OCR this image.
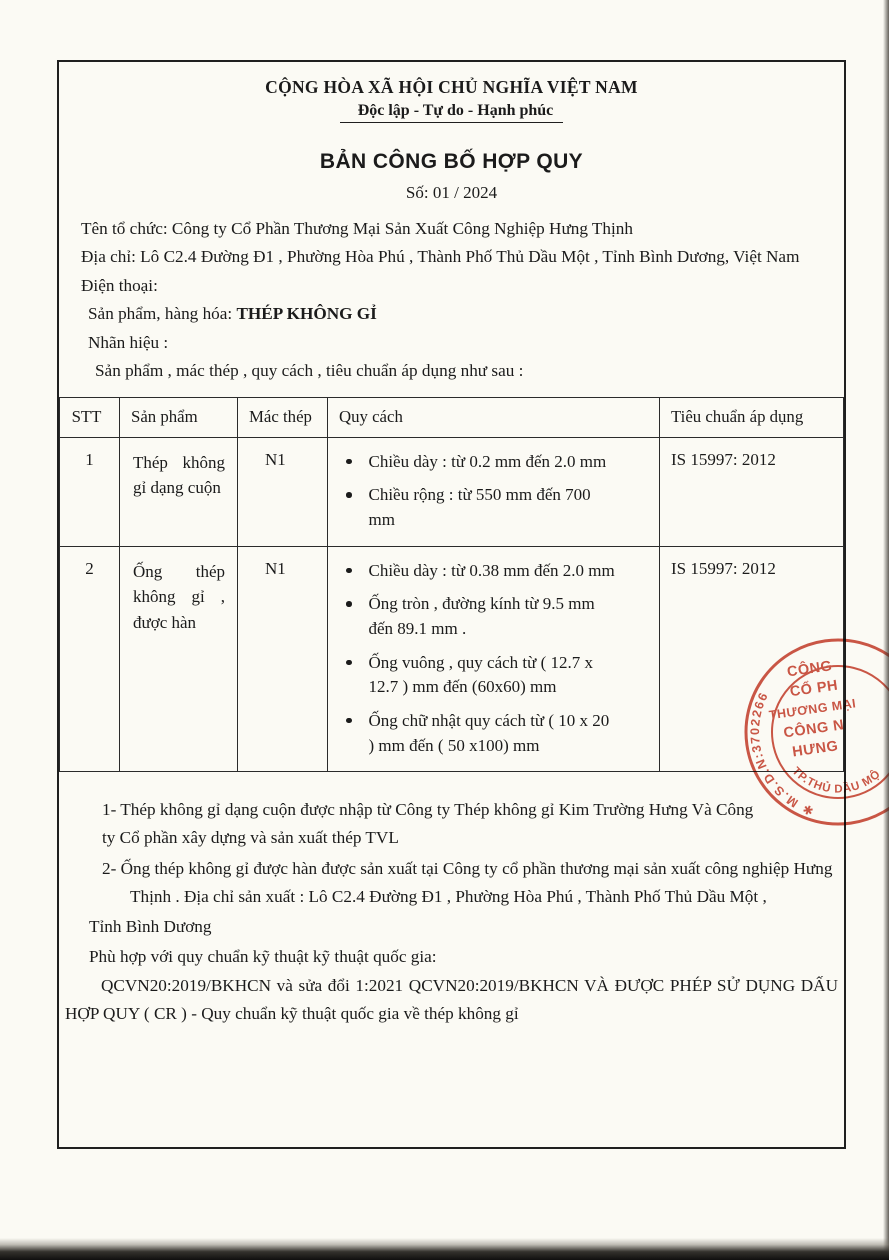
CỘNG HÒA XÃ HỘI CHỦ NGHĨA VIỆT NAM
Độc lập - Tự do - Hạnh phúc
BẢN CÔNG BỐ HỢP QUY
Số: 01 / 2024

Tên tổ chức: Công ty Cổ Phần Thương Mại Sản Xuất Công Nghiệp Hưng Thịnh

Địa chỉ: Lô C2.4 Đường Đ1 , Phường Hòa Phú , Thành Phố Thủ Dầu Một , Tỉnh Bình Dương, Việt Nam

Điện thoại:

Sản phẩm, hàng hóa: THÉP KHÔNG GỈ

Nhãn hiệu :

Sản phẩm , mác thép , quy cách , tiêu chuẩn áp dụng như sau :

STT	Sản phẩm	Mác thép	Quy cách	Tiêu chuẩn áp dụng
1	Thép không gỉ dạng cuộn	N1	Chiều dày : từ 0.2 mm đến 2.0 mm
Chiều rộng : từ 550 mm đến 700 mm	IS 15997: 2012
2	Ống thép không gỉ , được hàn	N1	Chiều dày : từ 0.38 mm đến 2.0 mm
Ống tròn , đường kính từ 9.5 mm đến 89.1 mm .
Ống vuông , quy cách từ ( 12.7 x 12.7 ) mm đến (60x60) mm
Ống chữ nhật quy cách từ ( 10 x 20 ) mm đến ( 50 x100) mm	IS 15997: 2012

1- Thép không gỉ dạng cuộn được nhập từ Công ty Thép không gỉ Kim Trường Hưng Và Công ty Cổ phần xây dựng và sản xuất thép TVL

2- Ống thép không gỉ được hàn được sản xuất tại Công ty cổ phần thương mại sản xuất công nghiệp Hưng Thịnh . Địa chỉ sản xuất : Lô C2.4 Đường Đ1 , Phường Hòa Phú , Thành Phố Thủ Dầu Một ,

Tỉnh Bình Dương

Phù hợp với quy chuẩn kỹ thuật kỹ thuật quốc gia:

QCVN20:2019/BKHCN và sửa đổi 1:2021 QCVN20:2019/BKHCN VÀ ĐƯỢC PHÉP SỬ DỤNG DẤU HỢP QUY ( CR ) - Quy chuẩn kỹ thuật quốc gia về thép không gỉ

✱ M.S.D.N:3702266
TP.THỦ DẦU MỘ
CÔNG
CỔ PH
THƯƠNG MẠI
CÔNG N
HƯNG
